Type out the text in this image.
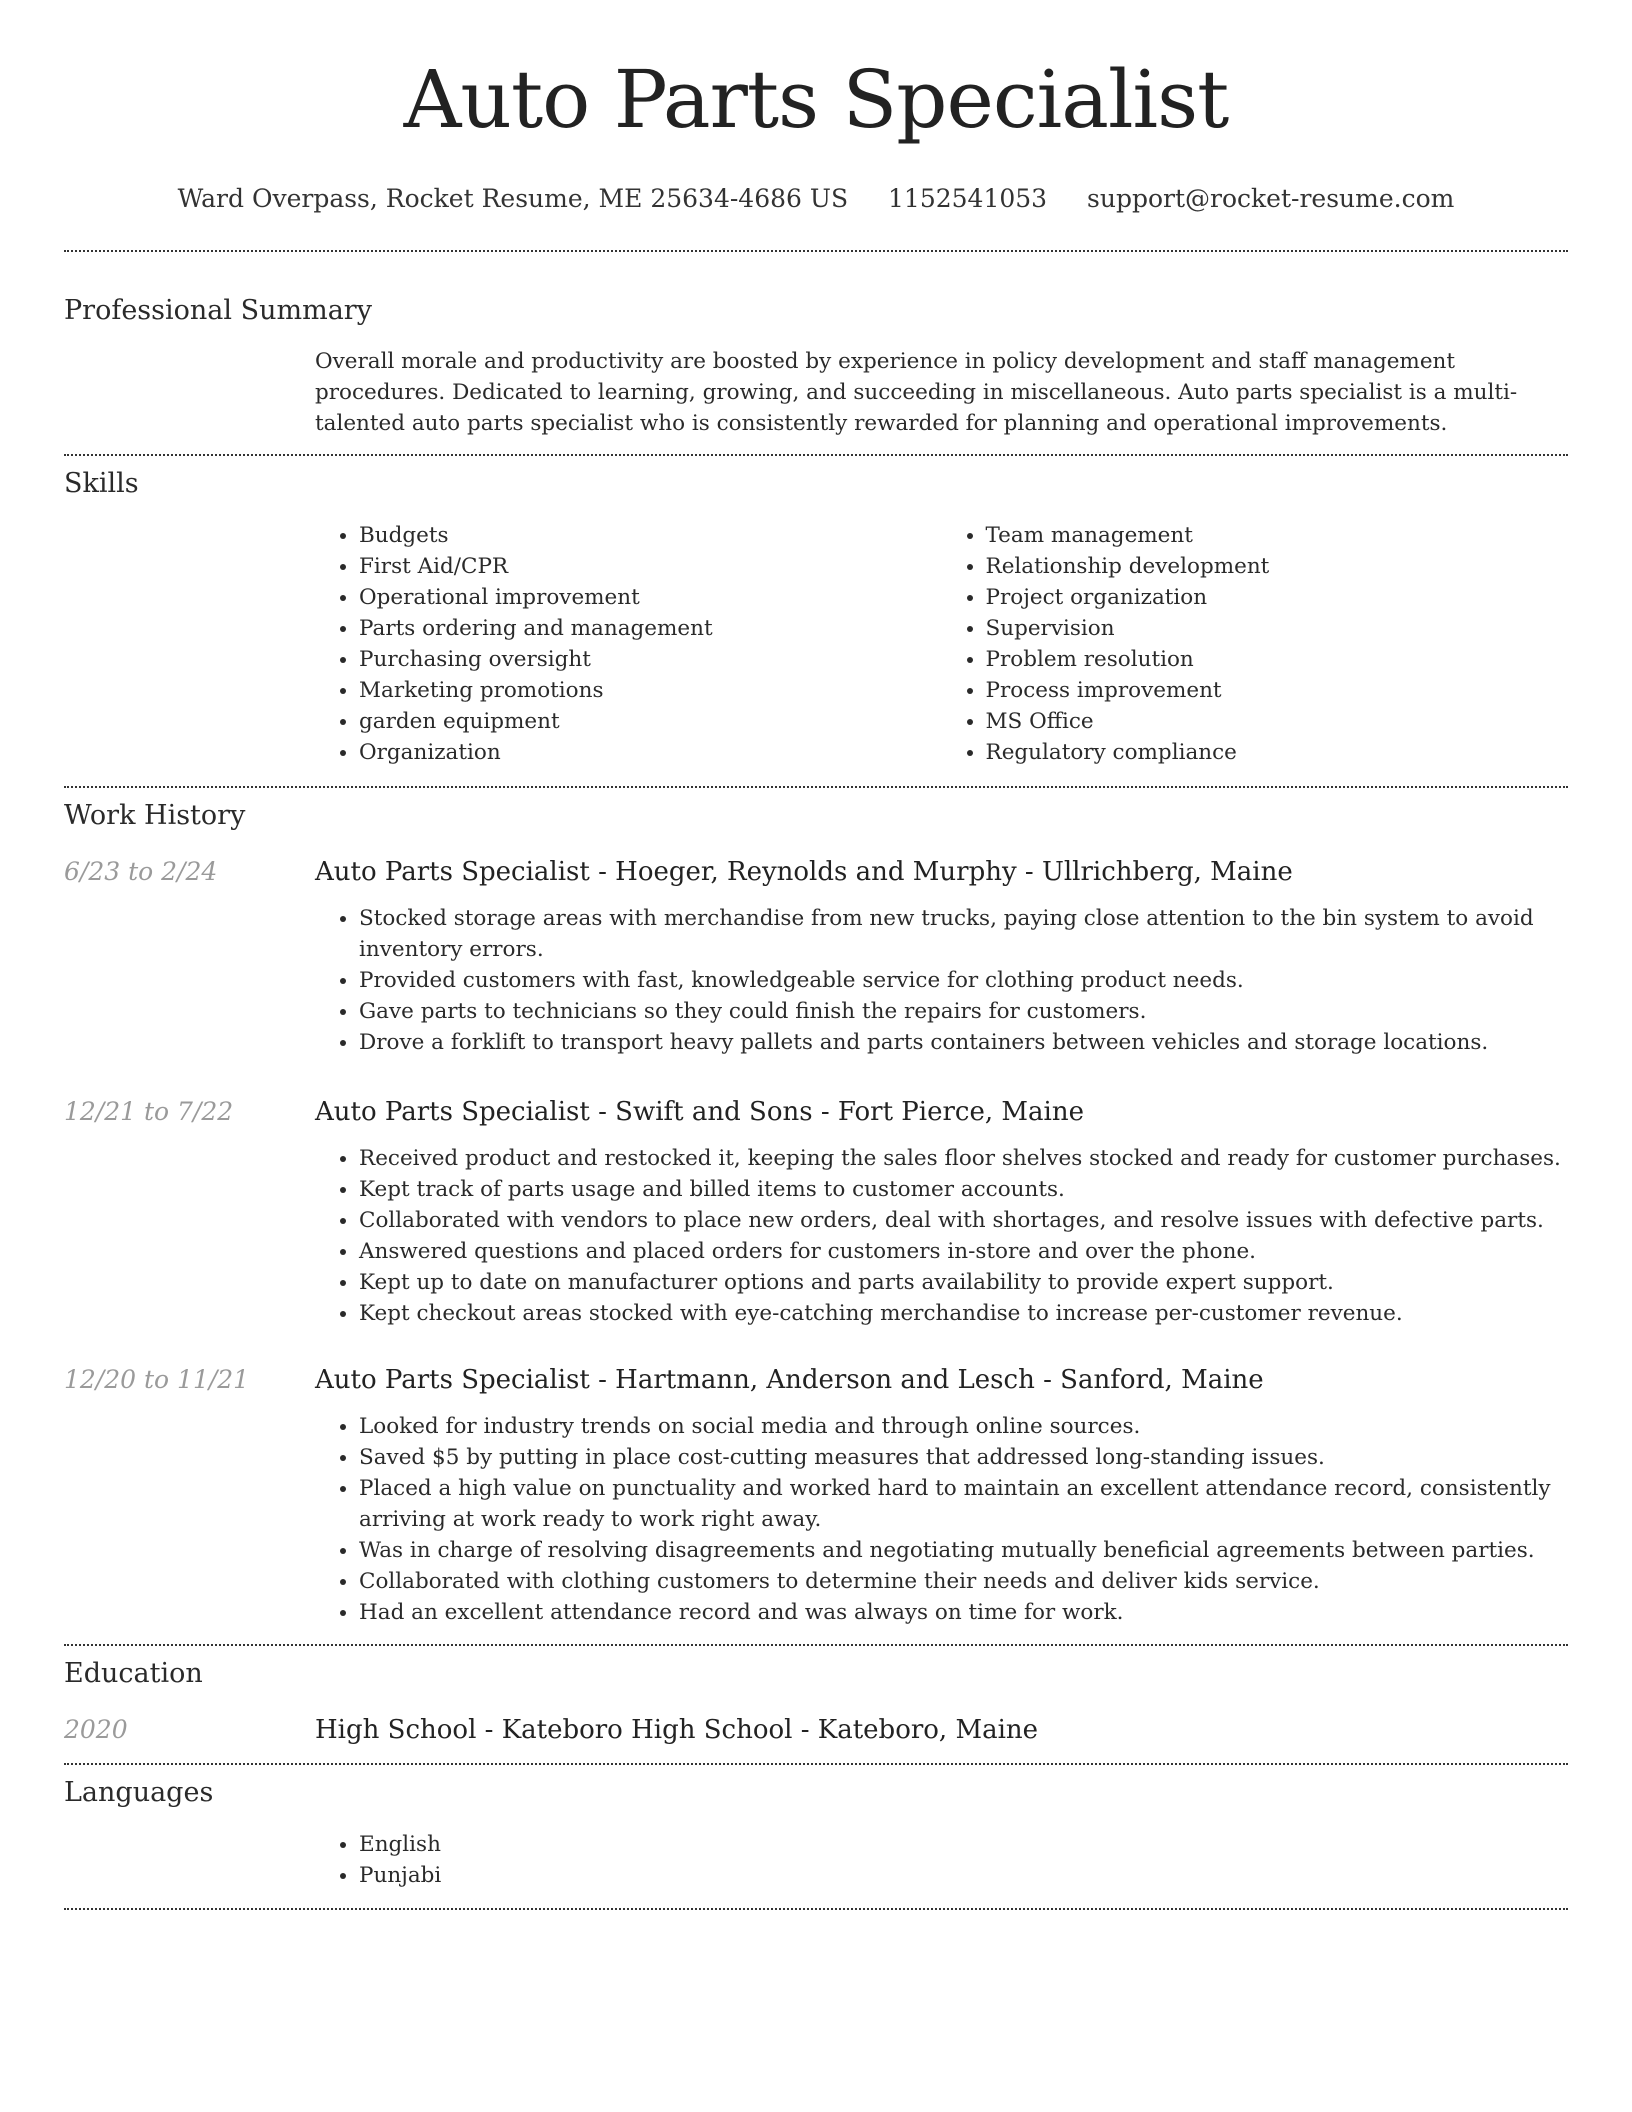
Auto Parts Specialist
Ward Overpass, Rocket Resume, ME 25634-4686 US 1152541053 support@rocket-resume.com
Professional Summary

Overall morale and productivity are boosted by experience in policy development and staff management procedures. Dedicated to learning, growing, and succeeding in miscellaneous. Auto parts specialist is a multi-talented auto parts specialist who is consistently rewarded for planning and operational improvements.

Skills
• Budgets
• First Aid/CPR
• Operational improvement
• Parts ordering and management
• Purchasing oversight
• Marketing promotions
• garden equipment
• Organization
• Team management
• Relationship development
• Project organization
• Supervision
• Problem resolution
• Process improvement
• MS Office
• Regulatory compliance
Work History
6/23 to 2/24	Auto Parts Specialist - Hoeger, Reynolds and Murphy - Ullrichberg, Maine
• Stocked storage areas with merchandise from new trucks, paying close attention to the bin system to avoid inventory errors.
• Provided customers with fast, knowledgeable service for clothing product needs.
• Gave parts to technicians so they could finish the repairs for customers.
• Drove a forklift to transport heavy pallets and parts containers between vehicles and storage locations.
12/21 to 7/22	Auto Parts Specialist - Swift and Sons - Fort Pierce, Maine
• Received product and restocked it, keeping the sales floor shelves stocked and ready for customer purchases.
• Kept track of parts usage and billed items to customer accounts.
• Collaborated with vendors to place new orders, deal with shortages, and resolve issues with defective parts.
• Answered questions and placed orders for customers in-store and over the phone.
• Kept up to date on manufacturer options and parts availability to provide expert support.
• Kept checkout areas stocked with eye-catching merchandise to increase per-customer revenue.
12/20 to 11/21	Auto Parts Specialist - Hartmann, Anderson and Lesch - Sanford, Maine
• Looked for industry trends on social media and through online sources.
• Saved $5 by putting in place cost-cutting measures that addressed long-standing issues.
• Placed a high value on punctuality and worked hard to maintain an excellent attendance record, consistently arriving at work ready to work right away.
• Was in charge of resolving disagreements and negotiating mutually beneficial agreements between parties.
• Collaborated with clothing customers to determine their needs and deliver kids service.
• Had an excellent attendance record and was always on time for work.
Education
2020	High School - Kateboro High School - Kateboro, Maine
Languages
• English
• Punjabi
